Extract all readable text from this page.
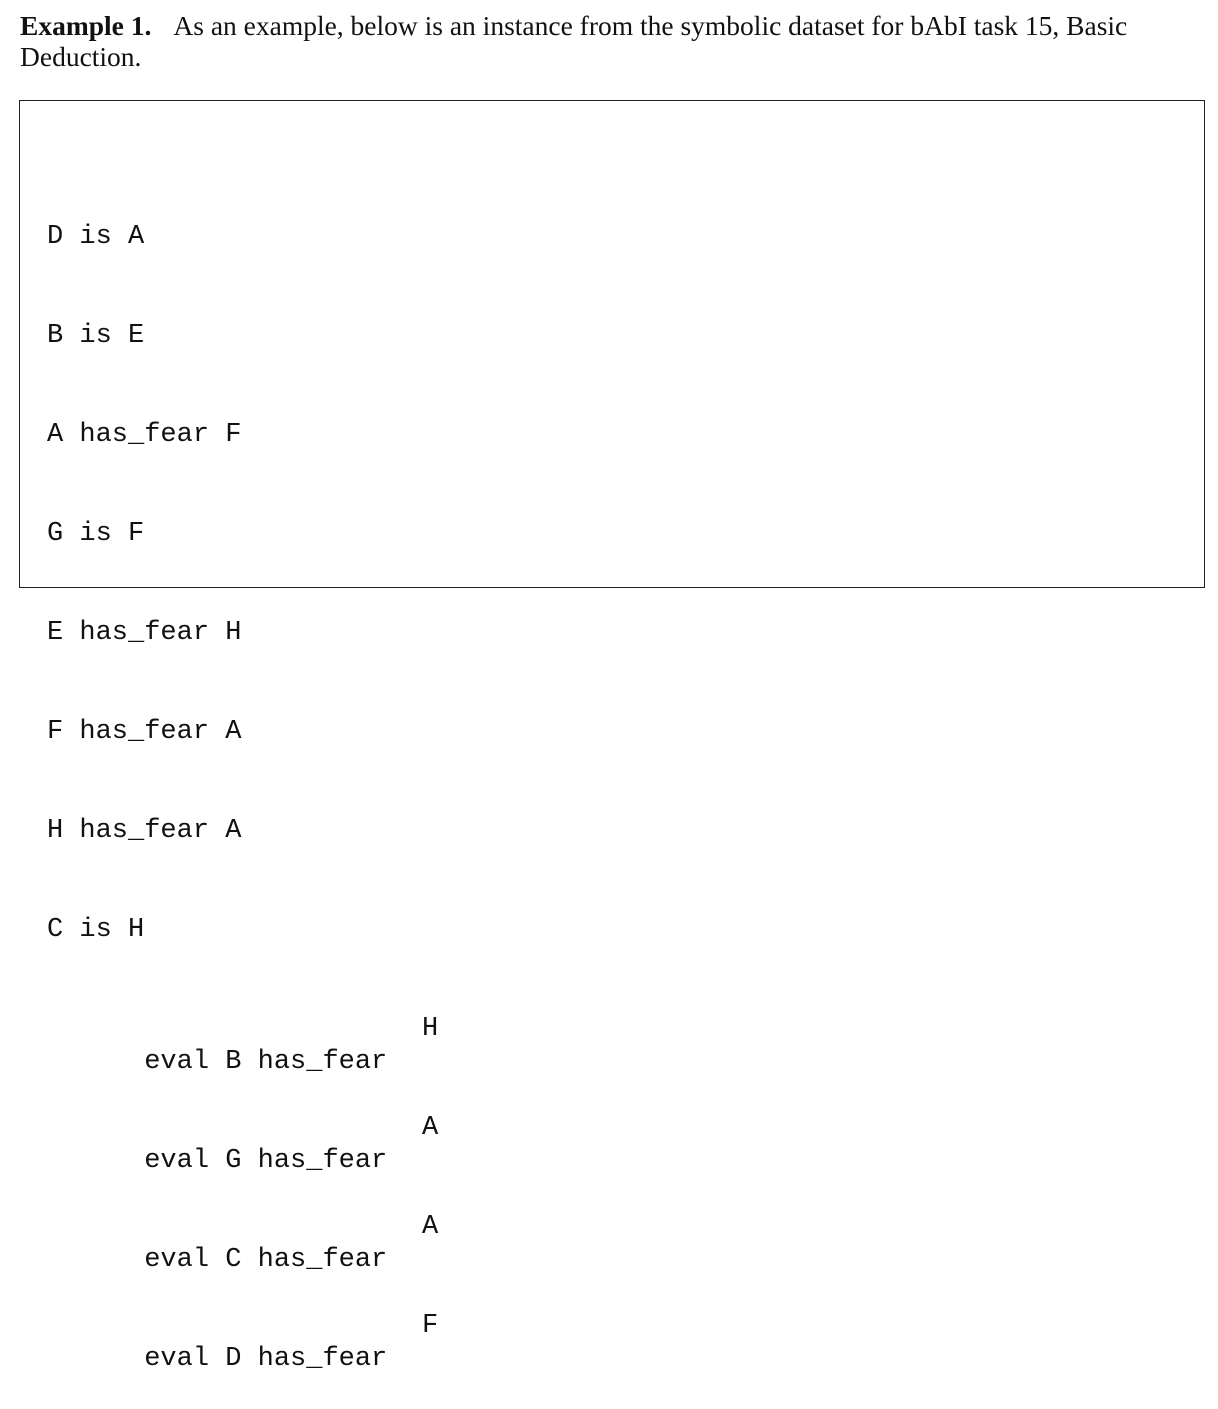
Example 1. As an example, below is an instance from the symbolic dataset for bAbI task 15, Basic Deduction.

D is A

B is E

A has_fear F

G is F

E has_fear H

F has_fear A

H has_fear A

C is H

eval B has_fear
H

eval G has_fear
A

eval C has_fear
A

eval D has_fear
F
